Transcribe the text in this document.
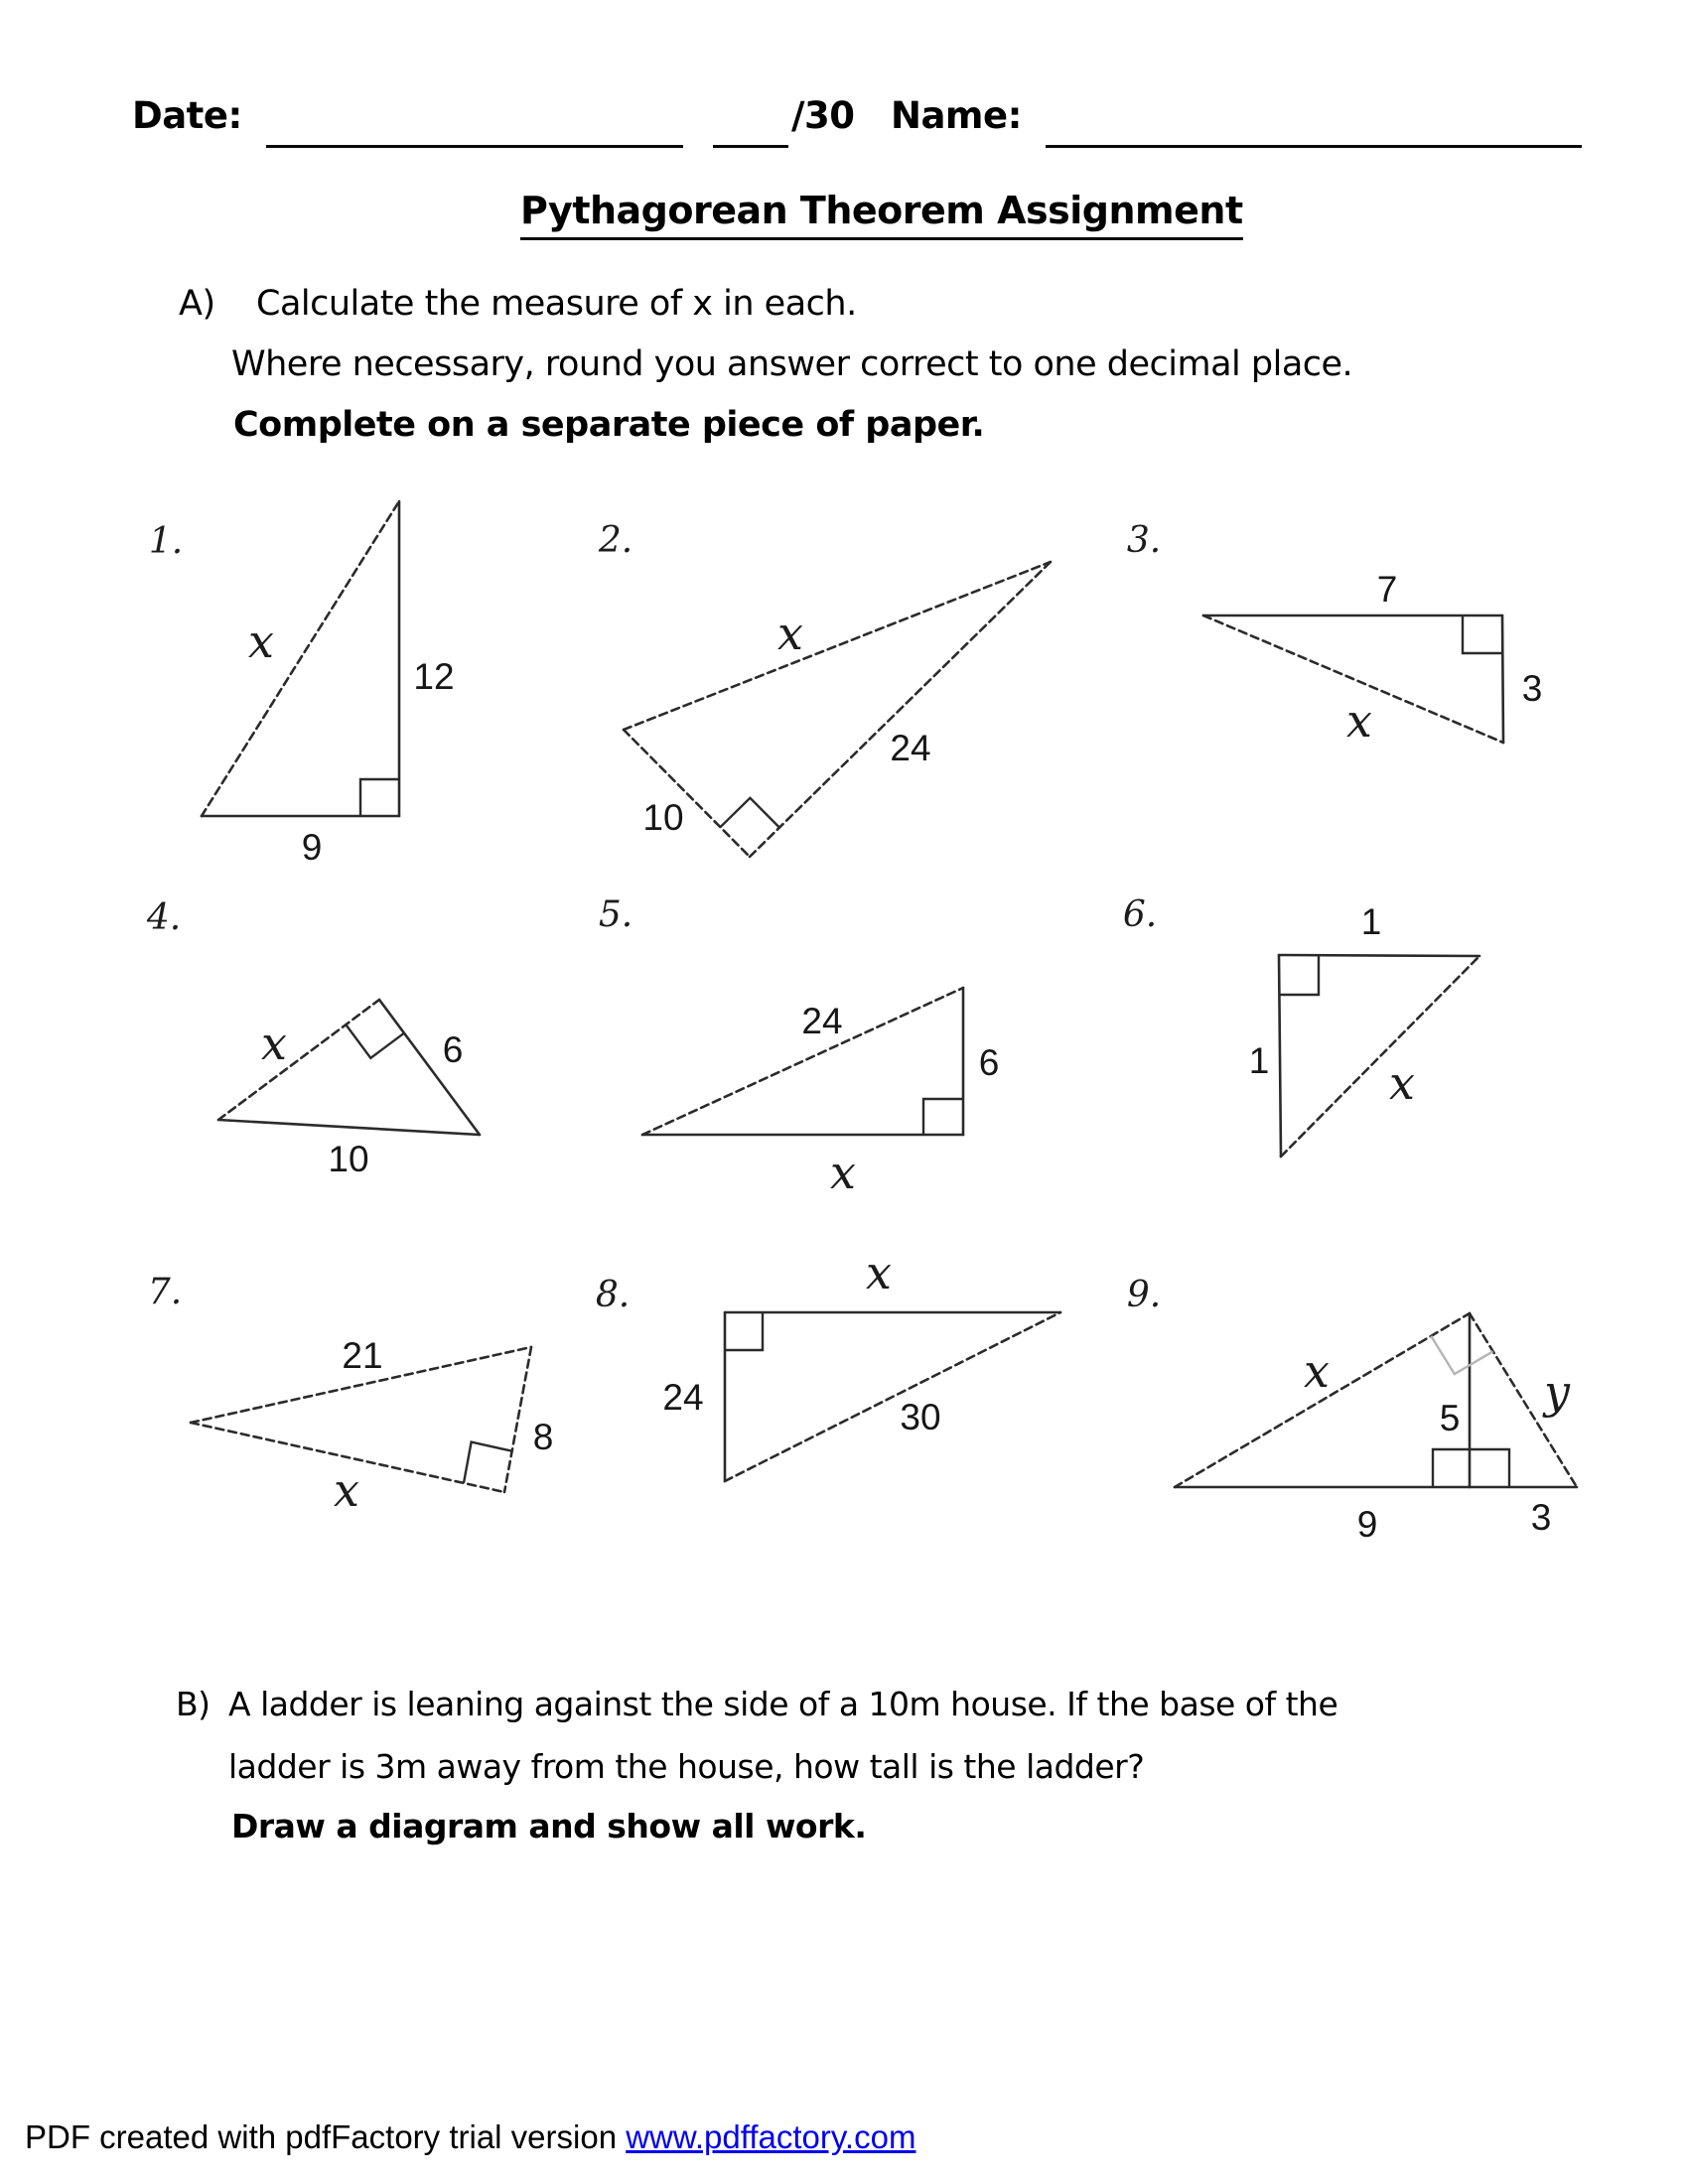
Date:	/30 Name:
Pythagorean Theorem Assignment
A) Calculate the measure of x in each.
Where necessary, round you answer correct to one decimal place.
Complete on a separate piece of paper.
1.
x
12
9
2.
x
24
10
3.
7
3
x
4.
x	6
10
5.
24
6
x
6.	1
1	x
7.
21
8
x
8.	x
24	30
9.
x	y
5
9	3
B) A ladder is leaning against the side of a 10m house. If the base of the
ladder is 3m away from the house, how tall is the ladder?
Draw a diagram and show all work.
PDF created with pdfFactory trial version www.pdffactory.com
